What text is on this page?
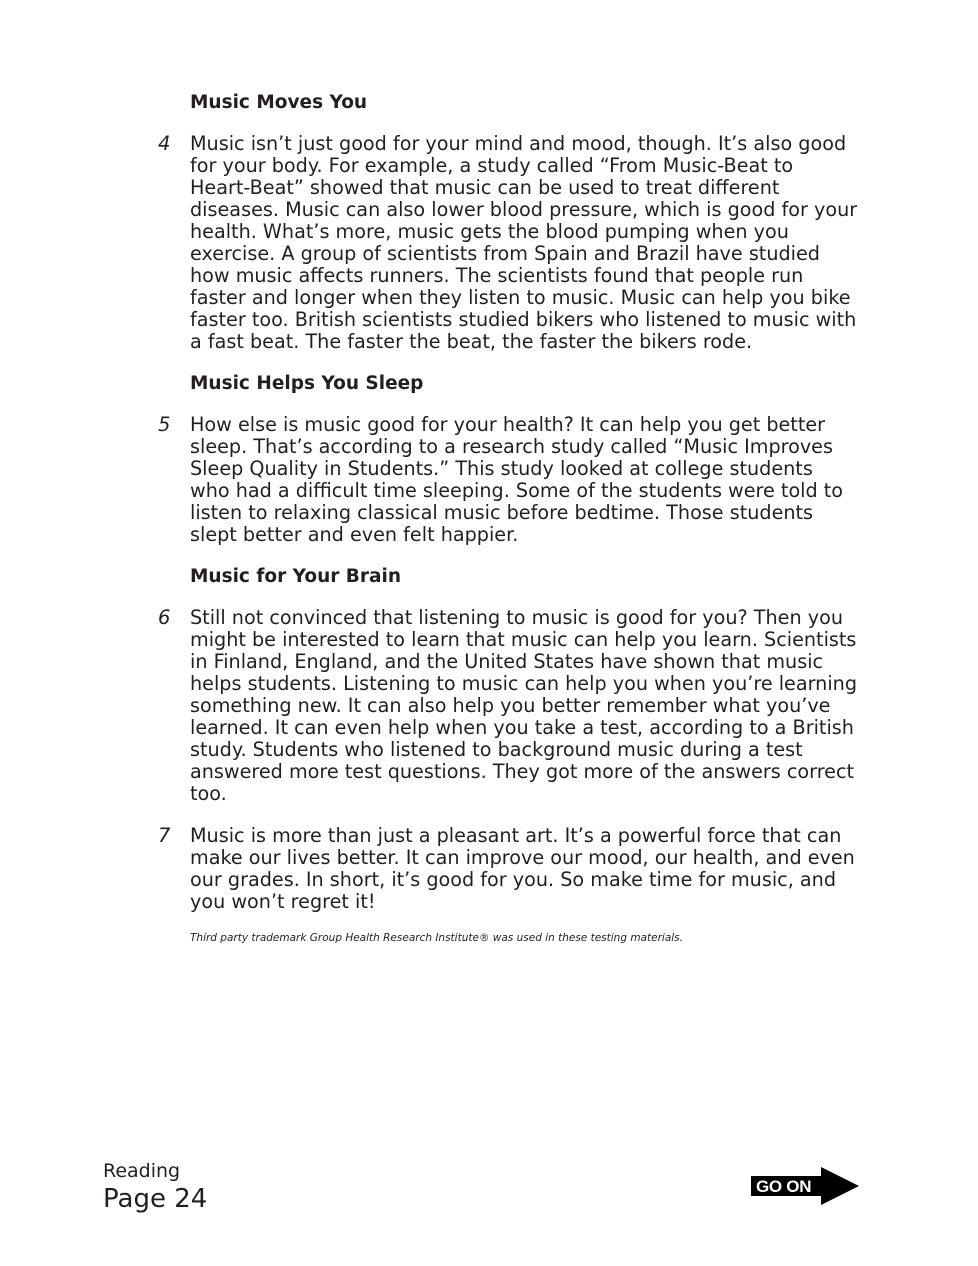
Music Moves You
4 Music isn’t just good for your mind and mood, though. It’s also good for your body. For example, a study called “From Music-Beat to Heart-Beat” showed that music can be used to treat different diseases. Music can also lower blood pressure, which is good for your health. What’s more, music gets the blood pumping when you exercise. A group of scientists from Spain and Brazil have studied how music affects runners. The scientists found that people run faster and longer when they listen to music. Music can help you bike faster too. British scientists studied bikers who listened to music with a fast beat. The faster the beat, the faster the bikers rode.

Music Helps You Sleep
5 How else is music good for your health? It can help you get better sleep. That’s according to a research study called “Music Improves Sleep Quality in Students.” This study looked at college students who had a difficult time sleeping. Some of the students were told to listen to relaxing classical music before bedtime. Those students slept better and even felt happier.

Music for Your Brain
6 Still not convinced that listening to music is good for you? Then you might be interested to learn that music can help you learn. Scientists in Finland, England, and the United States have shown that music helps students. Listening to music can help you when you’re learning something new. It can also help you better remember what you’ve learned. It can even help when you take a test, according to a British study. Students who listened to background music during a test answered more test questions. They got more of the answers correct too.

7 Music is more than just a pleasant art. It’s a powerful force that can make our lives better. It can improve our mood, our health, and even our grades. In short, it’s good for you. So make time for music, and you won’t regret it!

Third party trademark Group Health Research Institute® was used in these testing materials.

Reading
Page 24	GO ON
